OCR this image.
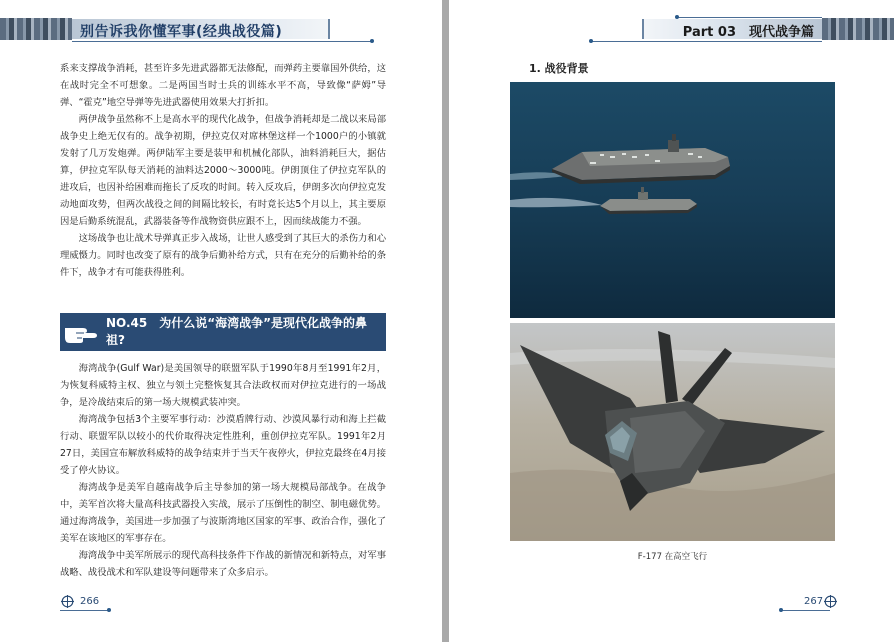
别告诉我你懂军事(经典战役篇)

系来支撑战争消耗，甚至许多先进武器都无法修配，而弹药主要靠国外供给，这在战时完全不可想象。二是两国当时士兵的训练水平不高，导致像“萨姆”导弹、“霍克”地空导弹等先进武器使用效果大打折扣。

两伊战争虽然称不上是高水平的现代化战争，但战争消耗却是二战以来局部战争史上绝无仅有的。战争初期，伊拉克仅对席林堡这样一个1000户的小镇就发射了几万发炮弹。两伊陆军主要是装甲和机械化部队，油料消耗巨大，据估算，伊拉克军队每天消耗的油料达2000～3000吨。伊朗顶住了伊拉克军队的进攻后，也因补给困难而拖长了反攻的时间。转入反攻后，伊朗多次向伊拉克发动地面攻势，但两次战役之间的间隔比较长，有时竟长达5个月以上，其主要原因是后勤系统混乱，武器装备等作战物资供应跟不上，因而续战能力不强。

这场战争也让战术导弹真正步入战场，让世人感受到了其巨大的杀伤力和心理威慑力。同时也改变了原有的战争后勤补给方式，只有在充分的后勤补给的条件下，战争才有可能获得胜利。

NO.45　为什么说“海湾战争”是现代化战争的鼻祖?

海湾战争(Gulf War)是美国领导的联盟军队于1990年8月至1991年2月，为恢复科威特主权、独立与领土完整恢复其合法政权而对伊拉克进行的一场战争，是冷战结束后的第一场大规模武装冲突。

海湾战争包括3个主要军事行动：沙漠盾牌行动、沙漠风暴行动和海上拦截行动、联盟军队以较小的代价取得决定性胜利，重创伊拉克军队。1991年2月27日，美国宣布解放科威特的战争结束并于当天午夜停火，伊拉克最终在4月接受了停火协议。

海湾战争是美军自越南战争后主导参加的第一场大规模局部战争。在战争中，美军首次将大量高科技武器投入实战，展示了压倒性的制空、制电磁优势。通过海湾战争，美国进一步加强了与波斯湾地区国家的军事、政治合作，强化了美军在该地区的军事存在。

海湾战争中美军所展示的现代高科技条件下作战的新情况和新特点，对军事战略、战役战术和军队建设等问题带来了众多启示。

266
Part 03　现代战争篇
1. 战役背景
F-177 在高空飞行
267
